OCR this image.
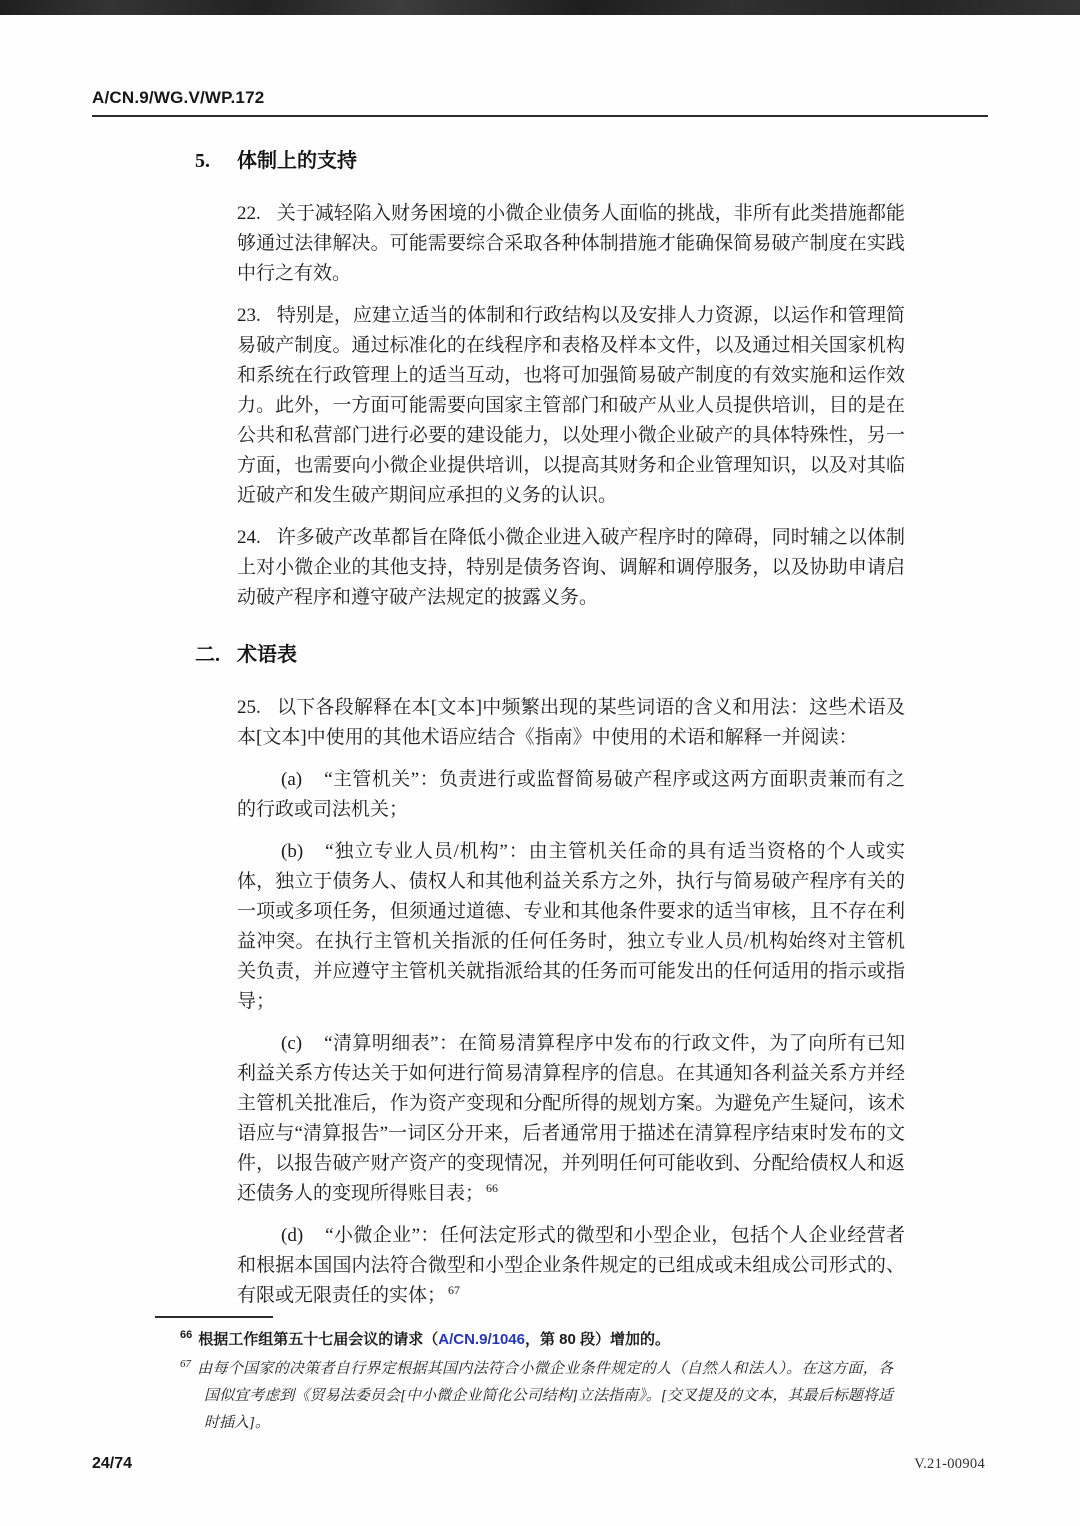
A/CN.9/WG.V/WP.172
5. 体制上的支持

22. 关于减轻陷入财务困境的小微企业债务人面临的挑战，非所有此类措施都能够通过法律解决。可能需要综合采取各种体制措施才能确保简易破产制度在实践中行之有效。

23. 特别是，应建立适当的体制和行政结构以及安排人力资源，以运作和管理简易破产制度。通过标准化的在线程序和表格及样本文件，以及通过相关国家机构和系统在行政管理上的适当互动，也将可加强简易破产制度的有效实施和运作效力。此外，一方面可能需要向国家主管部门和破产从业人员提供培训，目的是在公共和私营部门进行必要的建设能力，以处理小微企业破产的具体特殊性，另一方面，也需要向小微企业提供培训，以提高其财务和企业管理知识，以及对其临近破产和发生破产期间应承担的义务的认识。

24. 许多破产改革都旨在降低小微企业进入破产程序时的障碍，同时辅之以体制上对小微企业的其他支持，特别是债务咨询、调解和调停服务，以及协助申请启动破产程序和遵守破产法规定的披露义务。

二. 术语表

25. 以下各段解释在本[文本]中频繁出现的某些词语的含义和用法：这些术语及本[文本]中使用的其他术语应结合《指南》中使用的术语和解释一并阅读：

(a) “主管机关”：负责进行或监督简易破产程序或这两方面职责兼而有之的行政或司法机关；

(b) “独立专业人员/机构”：由主管机关任命的具有适当资格的个人或实体，独立于债务人、债权人和其他利益关系方之外，执行与简易破产程序有关的一项或多项任务，但须通过道德、专业和其他条件要求的适当审核，且不存在利益冲突。在执行主管机关指派的任何任务时，独立专业人员/机构始终对主管机关负责，并应遵守主管机关就指派给其的任务而可能发出的任何适用的指示或指导；

(c) “清算明细表”：在简易清算程序中发布的行政文件，为了向所有已知利益关系方传达关于如何进行简易清算程序的信息。在其通知各利益关系方并经主管机关批准后，作为资产变现和分配所得的规划方案。为避免产生疑问，该术语应与“清算报告”一词区分开来，后者通常用于描述在清算程序结束时发布的文件，以报告破产财产资产的变现情况，并列明任何可能收到、分配给债权人和返还债务人的变现所得账目表； $^{66}$

(d) “小微企业”：任何法定形式的微型和小型企业，包括个人企业经营者和根据本国国内法符合微型和小型企业条件规定的已组成或未组成公司形式的、有限或无限责任的实体； $^{67}$

$^{66}$ 根据工作组第五十七届会议的请求（A/CN.9/1046，第 80 段）增加的。
$^{67}$ 由每个国家的决策者自行界定根据其国内法符合小微企业条件规定的人（自然人和法人）。在这方面，各国似宜考虑到《贸易法委员会[中小微企业简化公司结构]立法指南》。[交叉提及的文本，其最后标题将适时插入]。
24/74	V.21-00904
